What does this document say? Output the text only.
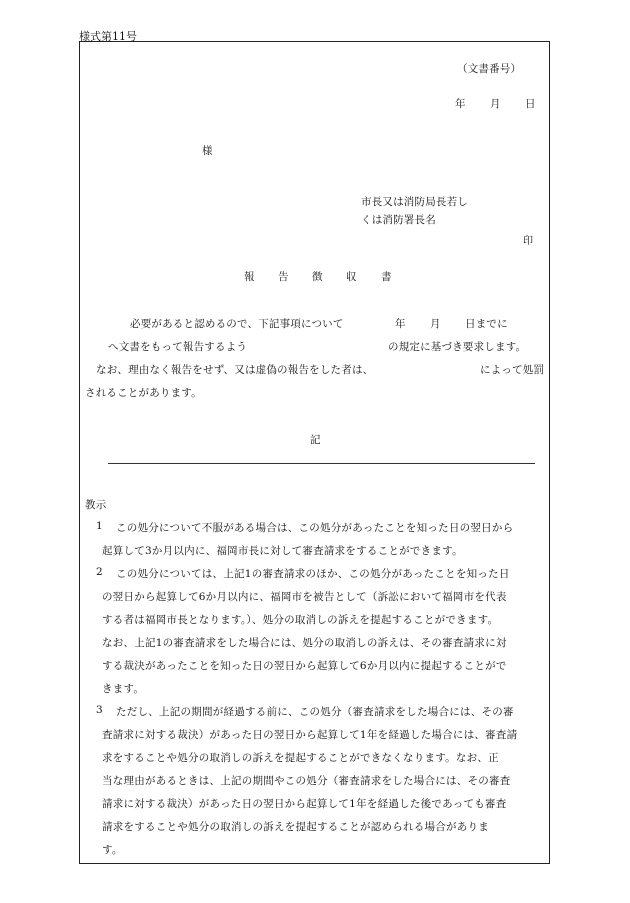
様式第11号
（文書番号）
年 月 日
様
市長又は消防局長若し
くは消防署長名
印
報 告 徴 収 書
必要があると認めるので、下記事項について	年 月 日までに
へ文書をもって報告するよう	の規定に基づき要求します。
なお、理由なく報告をせず、又は虚偽の報告をした者は、	によって処罰
されることがあります。
記
教示
1 この処分について不服がある場合は、この処分があったことを知った日の翌日から
起算して3か月以内に、福岡市長に対して審査請求をすることができます。
2 この処分については、上記1の審査請求のほか、この処分があったことを知った日
の翌日から起算して6か月以内に、福岡市を被告として（訴訟において福岡市を代表
する者は福岡市長となります。）、処分の取消しの訴えを提起することができます。
なお、上記1の審査請求をした場合には、処分の取消しの訴えは、その審査請求に対
する裁決があったことを知った日の翌日から起算して6か月以内に提起することがで
きます。
3 ただし、上記の期間が経過する前に、この処分（審査請求をした場合には、その審
査請求に対する裁決）があった日の翌日から起算して1年を経過した場合には、審査請
求をすることや処分の取消しの訴えを提起することができなくなります。なお、正
当な理由があるときは、上記の期間やこの処分（審査請求をした場合には、その審査
請求に対する裁決）があった日の翌日から起算して1年を経過した後であっても審査
請求をすることや処分の取消しの訴えを提起することが認められる場合がありま
す。
